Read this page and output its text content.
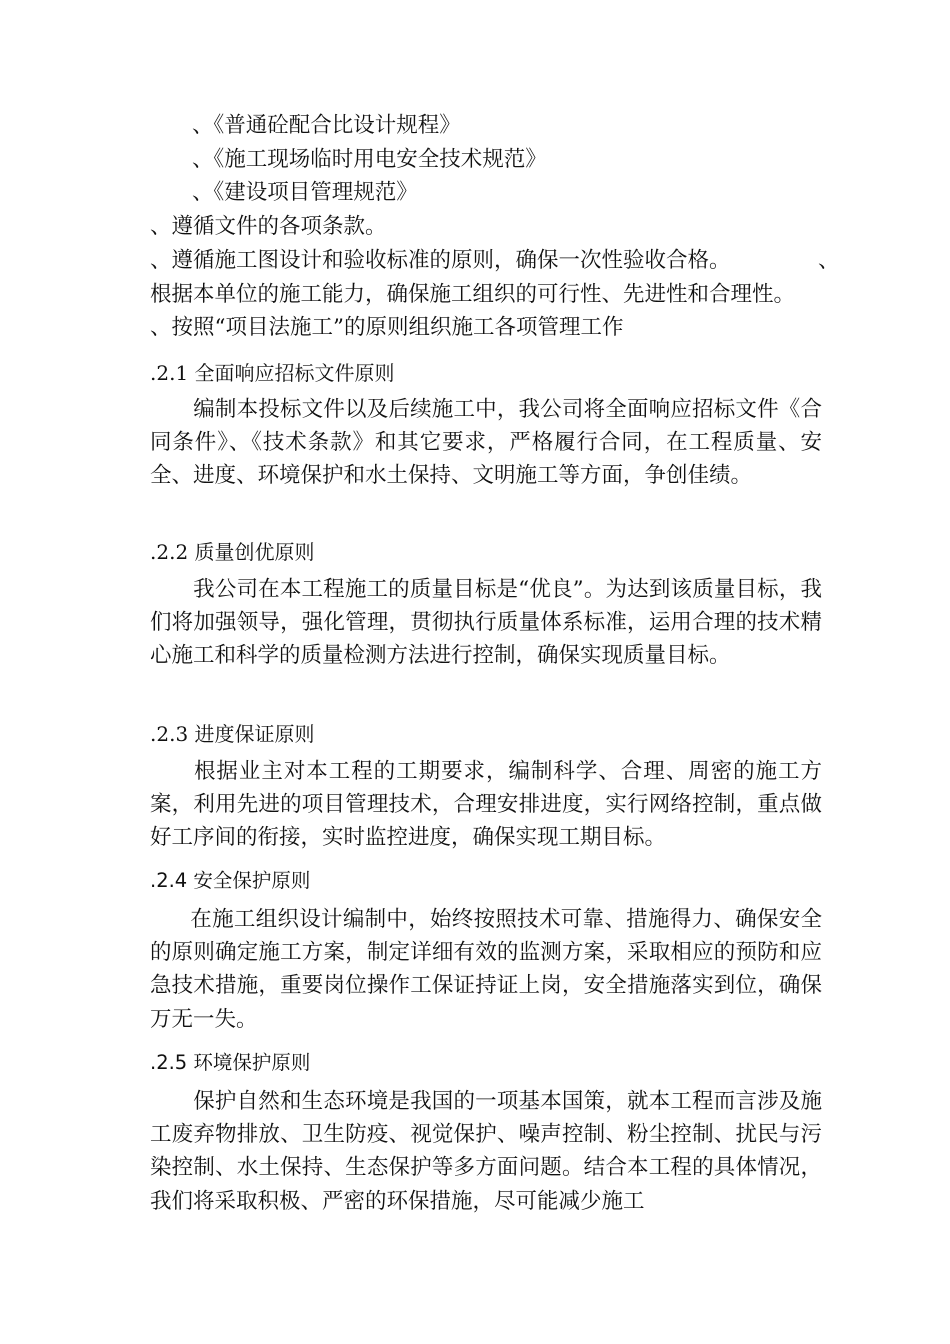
、《普通砼配合比设计规程》
、《施工现场临时用电安全技术规范》
、《建设项目管理规范》
、遵循文件的各项条款。
、遵循施工图设计和验收标准的原则，确保一次性验收合格。	、
根据本单位的施工能力，确保施工组织的可行性、先进性和合理性。
、按照“项目法施工”的原则组织施工各项管理工作
.2.1 全面响应招标文件原则
编制本投标文件以及后续施工中，我公司将全面响应招标文件《合同条件》、《技术条款》和其它要求，严格履行合同，在工程质量、安全、进度、环境保护和水土保持、文明施工等方面，争创佳绩。
.2.2 质量创优原则
我公司在本工程施工的质量目标是“优良”。为达到该质量目标，我们将加强领导，强化管理，贯彻执行质量体系标准，运用合理的技术精心施工和科学的质量检测方法进行控制，确保实现质量目标。
.2.3 进度保证原则
根据业主对本工程的工期要求，编制科学、合理、周密的施工方案，利用先进的项目管理技术，合理安排进度，实行网络控制，重点做好工序间的衔接，实时监控进度，确保实现工期目标。
.2.4 安全保护原则
在施工组织设计编制中，始终按照技术可靠、措施得力、确保安全的原则确定施工方案，制定详细有效的监测方案，采取相应的预防和应急技术措施，重要岗位操作工保证持证上岗，安全措施落实到位，确保万无一失。
.2.5 环境保护原则
保护自然和生态环境是我国的一项基本国策，就本工程而言涉及施工废弃物排放、卫生防疫、视觉保护、噪声控制、粉尘控制、扰民与污染控制、水土保持、生态保护等多方面问题。结合本工程的具体情况，我们将采取积极、严密的环保措施，尽可能减少施工
